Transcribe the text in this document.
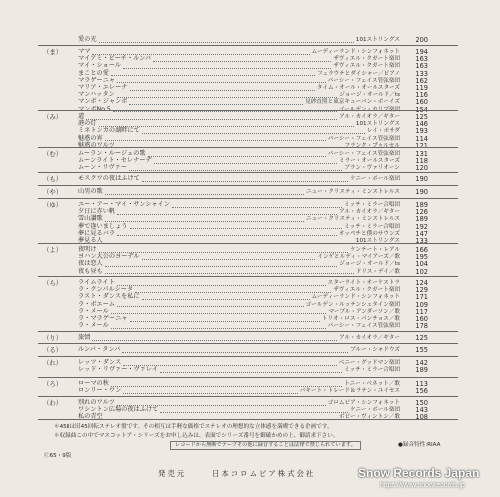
愛の光	101ストリングス	200
（ま）	ママ	ムーディーランド・シンフォネット	194
マイアミ・ビーチ・ルンバ	ザヴィエル・クガート楽団	163
マイ・ショール	ザヴィエル・クガート楽団	163
まことの愛	フェラウテとダイシャー／ピアノ	133
マラゲーニャ	パーシー・フェイス管弦楽団	162
マリア・エレーナ	タイム・オール・オールスターズ	119
マンハッタン	ジョージ・オールド／ts	116
マンボ・ジャンボ	見砂直照と東京キューバン・ボーイズ	160
マンボNo.5	ゴールデン・カリブ楽団	154
（み）	道	アル・カイオラ／ギター	125
港の灯	101ストリングス	146
ミネトンカの湖畔にて	レイ・ポサダ	193
魅惑の宵	パーシー・フェイス管弦楽団	114
魅惑のワルツ	フランク・プゥルセル	121
（む）	ムーラン・ルージュの歌	パーシー・フェイス管弦楽団	131
ムーンライト・セレナーデ	ミラー・オールスターズ	118
ムーン・リヴァー	ブラン・ヴァリオーン	120
（も）	モスクワの夜はふけて	ケニー・ボール楽団	190
（や）	山男の歌	ニュー・クリスティ・ミンストレルス	190
（ゆ）	ユー・アー・マイ・サンシャイン	ミッチ・ミラー合唱団	189
夕日に赤い帆	アル・カイオラ／ギター	126
雪山讃歌	ニュー・クリスティ・ミンストレルス	189
夢で逢いましょう	ミッチ・ミラー合唱団	192
夢に見るバラ	オッペチと僕のサウンズ	147
夢見る人	101ストリングス	133
（よ）	夜明け	ケンテート・レアル	166
ヨハン大公のヨーデル	インゲとルディ・マイアーズ／歌	195
夜は恋人	ジョージ・オールド／ts	104
夜も昼も	ドリス・デイ／歌	102
（ら）	ライムライト	スターライト・オーケストラ	124
ラ・クンパルシータ	ザヴィエル・クガート楽団	129
ラスト・ダンスを私に	ムーディーランド・シンフォネット	171
ラ・ボエーム	ゴールデン・ルッテンシュタイン楽団	109
ラ・メール	マーブル・アンダーソン／歌	117
ラ・マラゲーニャ	トリオ・ロス・パンチョス／歌	160
ラ・メール	パーシー・フェイス管弦楽団	178
（り）	旅情	アル・カイオラ／ギター	125
（る）	ルンバ・タンバ	ブルー・シャドウズ	155
（れ）	レッツ・ダンス	ベニー・グッドマン楽団	142
レッド・リヴァー・ヴァレイ	ミッチ・ミラー合唱団	189
（ろ）	ローマの秋	トニー・ベネット／歌	113
ロンリー・ワン	バキート・トレード＆ラテン・ユイセス	156
（わ）	別れのワルツ	ゴロムビア・シンフォネット	150
ワシントン広場の夜はふけて	ケニー・ボール楽団	143
私の青空	ボビー・ヴィントン／歌	108
＊45Ⅱは旧45回転ステレオ盤です。その相互は手軽な価格でステレオの理想的な立体感を満喫できる企画です。
＊収録曲この中でマスコットア・シリーズをお申し込みは、表面でシリーズ番号を御確かめの上、御請求下さい。
レコードから無断でテープその他に録音することは法律で禁じられています。	●録音特性:RIAA
Ⓒ65・9版
発売元	日本コロムビア株式会社	Snow Records Japan
https://www.snowrecords.jp
